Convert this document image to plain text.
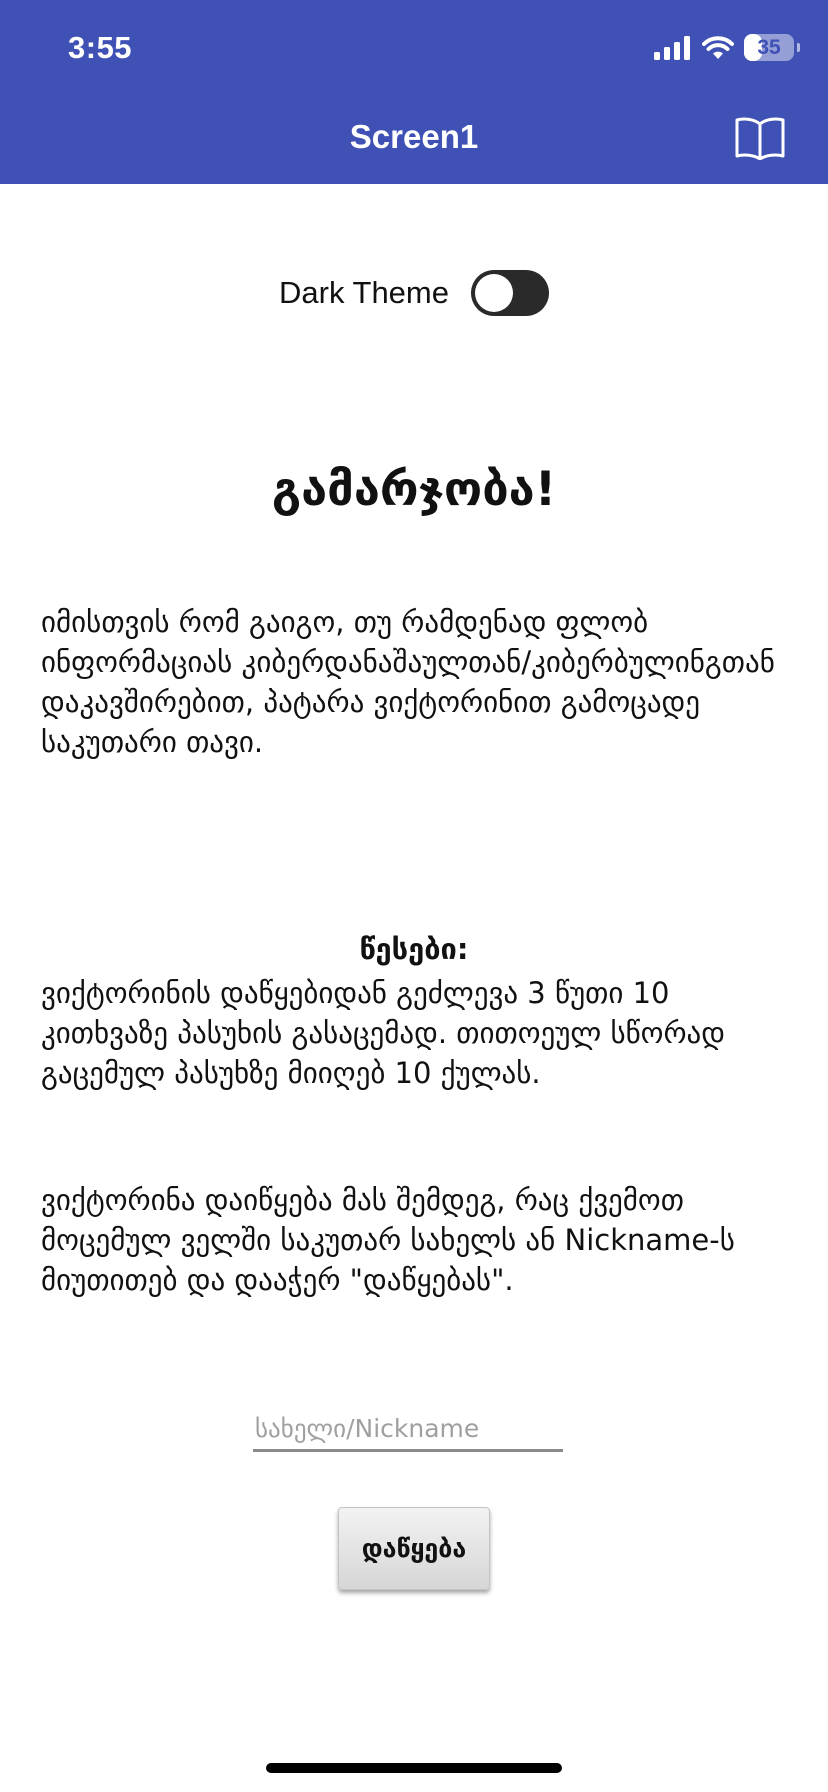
3:55	35
Screen1
Dark Theme
გამარჯობა!
იმისთვის რომ გაიგო, თუ რამდენად ფლობ ინფორმაციას კიბერდანაშაულთან/კიბერბულინგთან დაკავშირებით, პატარა ვიქტორინით გამოცადე საკუთარი თავი.
წესები:
ვიქტორინის დაწყებიდან გეძლევა 3 წუთი 10 კითხვაზე პასუხის გასაცემად. თითოეულ სწორად გაცემულ პასუხზე მიიღებ 10 ქულას.
ვიქტორინა დაიწყება მას შემდეგ, რაც ქვემოთ მოცემულ ველში საკუთარ სახელს ან Nickname-ს მიუთითებ და დააჭერ "დაწყებას".
სახელი/Nickname
დაწყება
